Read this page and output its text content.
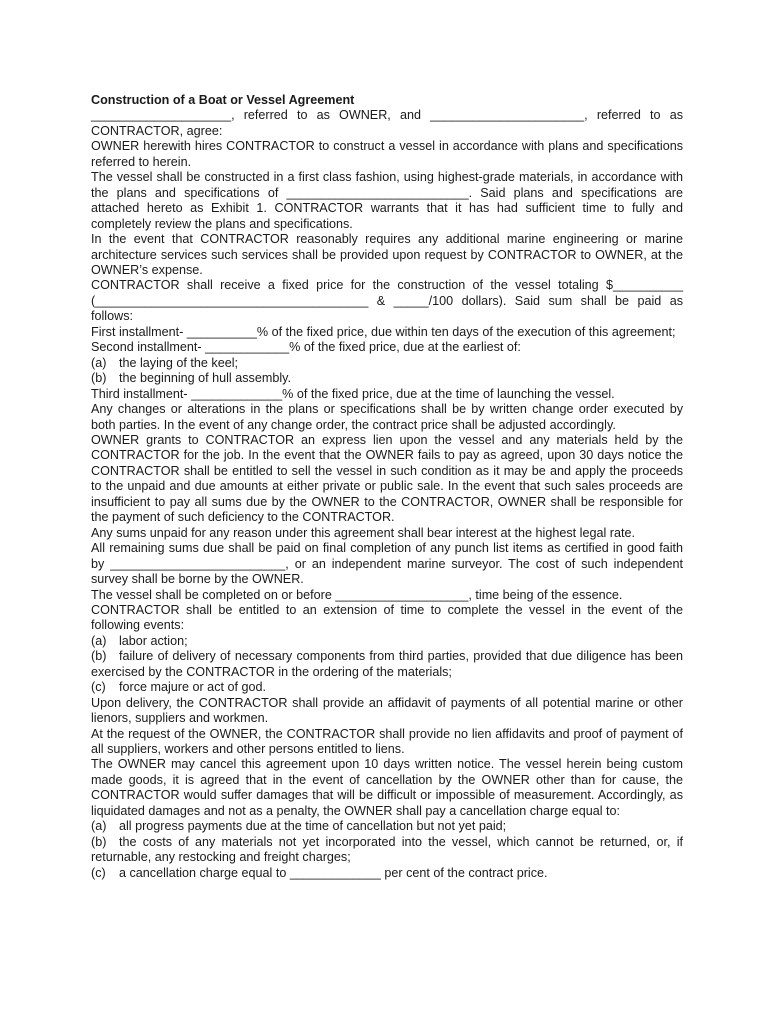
Construction of a Boat or Vessel Agreement
____________________, referred to as OWNER, and ______________________, referred to as CONTRACTOR, agree:
OWNER herewith hires CONTRACTOR to construct a vessel in accordance with plans and specifications referred to herein.
The vessel shall be constructed in a first class fashion, using highest-grade materials, in accordance with the plans and specifications of __________________________. Said plans and specifications are attached hereto as Exhibit 1. CONTRACTOR warrants that it has had sufficient time to fully and completely review the plans and specifications.
In the event that CONTRACTOR reasonably requires any additional marine engineering or marine architecture services such services shall be provided upon request by CONTRACTOR to OWNER, at the OWNER’s expense.
CONTRACTOR shall receive a fixed price for the construction of the vessel totaling $__________ (_______________________________________ & _____/100 dollars). Said sum shall be paid as follows:
First installment- __________% of the fixed price, due within ten days of the execution of this agreement;
Second installment- ____________% of the fixed price, due at the earliest of:
(a) the laying of the keel;
(b) the beginning of hull assembly.
Third installment- _____________% of the fixed price, due at the time of launching the vessel.
Any changes or alterations in the plans or specifications shall be by written change order executed by both parties. In the event of any change order, the contract price shall be adjusted accordingly.
OWNER grants to CONTRACTOR an express lien upon the vessel and any materials held by the CONTRACTOR for the job. In the event that the OWNER fails to pay as agreed, upon 30 days notice the CONTRACTOR shall be entitled to sell the vessel in such condition as it may be and apply the proceeds to the unpaid and due amounts at either private or public sale. In the event that such sales proceeds are insufficient to pay all sums due by the OWNER to the CONTRACTOR, OWNER shall be responsible for the payment of such deficiency to the CONTRACTOR.
Any sums unpaid for any reason under this agreement shall bear interest at the highest legal rate.
All remaining sums due shall be paid on final completion of any punch list items as certified in good faith by _________________________, or an independent marine surveyor. The cost of such independent survey shall be borne by the OWNER.
The vessel shall be completed on or before ___________________, time being of the essence.
CONTRACTOR shall be entitled to an extension of time to complete the vessel in the event of the following events:
(a) labor action;
(b) failure of delivery of necessary components from third parties, provided that due diligence has been exercised by the CONTRACTOR in the ordering of the materials;
(c)	force majure or act of god.
Upon delivery, the CONTRACTOR shall provide an affidavit of payments of all potential marine or other lienors, suppliers and workmen.
At the request of the OWNER, the CONTRACTOR shall provide no lien affidavits and proof of payment of all suppliers, workers and other persons entitled to liens.
The OWNER may cancel this agreement upon 10 days written notice. The vessel herein being custom made goods, it is agreed that in the event of cancellation by the OWNER other than for cause, the CONTRACTOR would suffer damages that will be difficult or impossible of measurement. Accordingly, as liquidated damages and not as a penalty, the OWNER shall pay a cancellation charge equal to:
(a) all progress payments due at the time of cancellation but not yet paid;
(b) the costs of any materials not yet incorporated into the vessel, which cannot be returned, or, if returnable, any restocking and freight charges;
(c)	a cancellation charge equal to _____________ per cent of the contract price.
